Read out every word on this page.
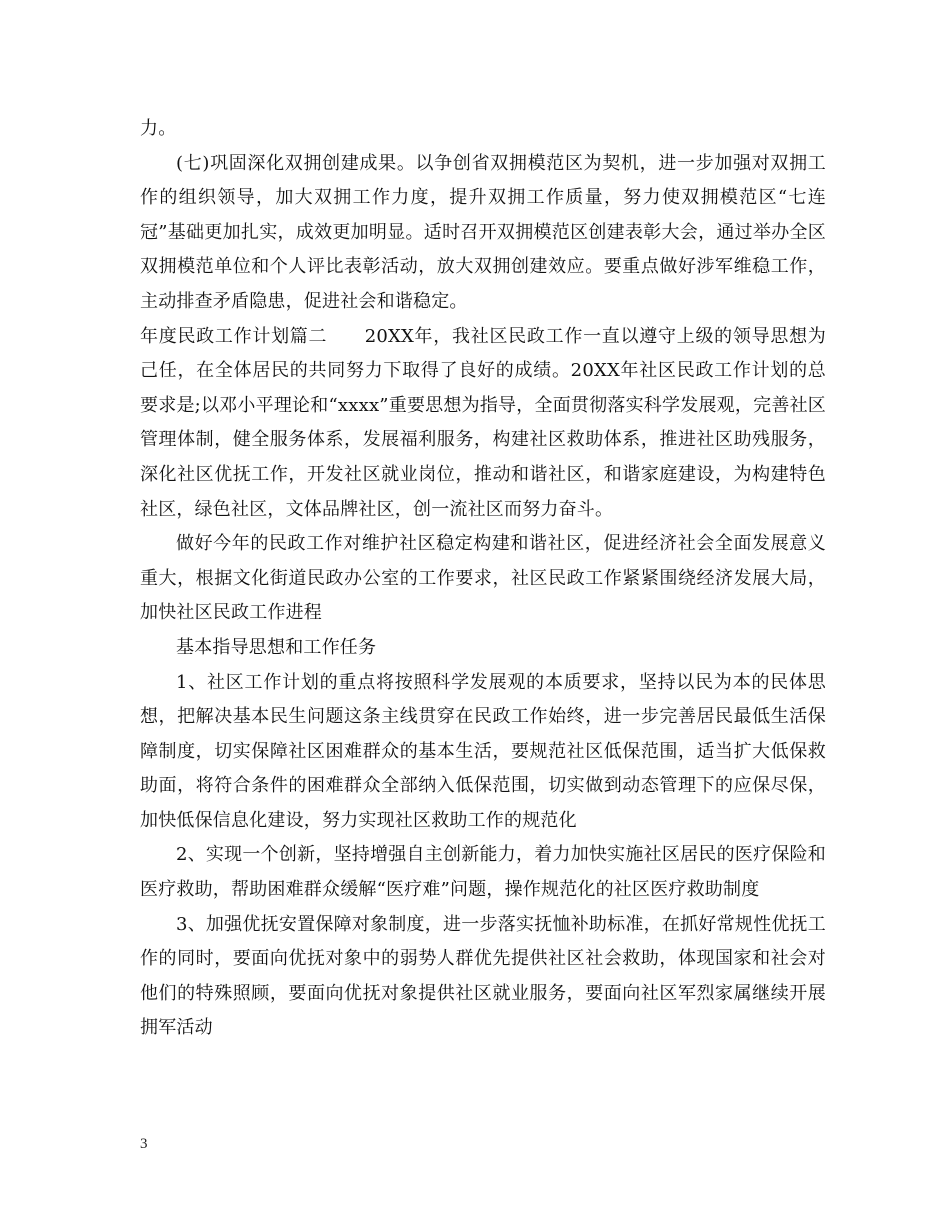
力。

(七)巩固深化双拥创建成果。以争创省双拥模范区为契机，进一步加强对双拥工作的组织领导，加大双拥工作力度，提升双拥工作质量，努力使双拥模范区“七连冠”基础更加扎实，成效更加明显。适时召开双拥模范区创建表彰大会，通过举办全区双拥模范单位和个人评比表彰活动，放大双拥创建效应。要重点做好涉军维稳工作，主动排查矛盾隐患，促进社会和谐稳定。

年度民政工作计划篇二　　20XX年，我社区民政工作一直以遵守上级的领导思想为己任，在全体居民的共同努力下取得了良好的成绩。20XX年社区民政工作计划的总要求是;以邓小平理论和“xxxx”重要思想为指导，全面贯彻落实科学发展观，完善社区管理体制，健全服务体系，发展福利服务，构建社区救助体系，推进社区助残服务，深化社区优抚工作，开发社区就业岗位，推动和谐社区，和谐家庭建设，为构建特色社区，绿色社区，文体品牌社区，创一流社区而努力奋斗。

做好今年的民政工作对维护社区稳定构建和谐社区，促进经济社会全面发展意义重大，根据文化街道民政办公室的工作要求，社区民政工作紧紧围绕经济发展大局，加快社区民政工作进程

基本指导思想和工作任务

1、社区工作计划的重点将按照科学发展观的本质要求，坚持以民为本的民体思想，把解决基本民生问题这条主线贯穿在民政工作始终，进一步完善居民最低生活保障制度，切实保障社区困难群众的基本生活，要规范社区低保范围，适当扩大低保救助面，将符合条件的困难群众全部纳入低保范围，切实做到动态管理下的应保尽保，加快低保信息化建设，努力实现社区救助工作的规范化

2、实现一个创新，坚持增强自主创新能力，着力加快实施社区居民的医疗保险和医疗救助，帮助困难群众缓解“医疗难”问题，操作规范化的社区医疗救助制度

3、加强优抚安置保障对象制度，进一步落实抚恤补助标准，在抓好常规性优抚工作的同时，要面向优抚对象中的弱势人群优先提供社区社会救助，体现国家和社会对他们的特殊照顾，要面向优抚对象提供社区就业服务，要面向社区军烈家属继续开展拥军活动

3
